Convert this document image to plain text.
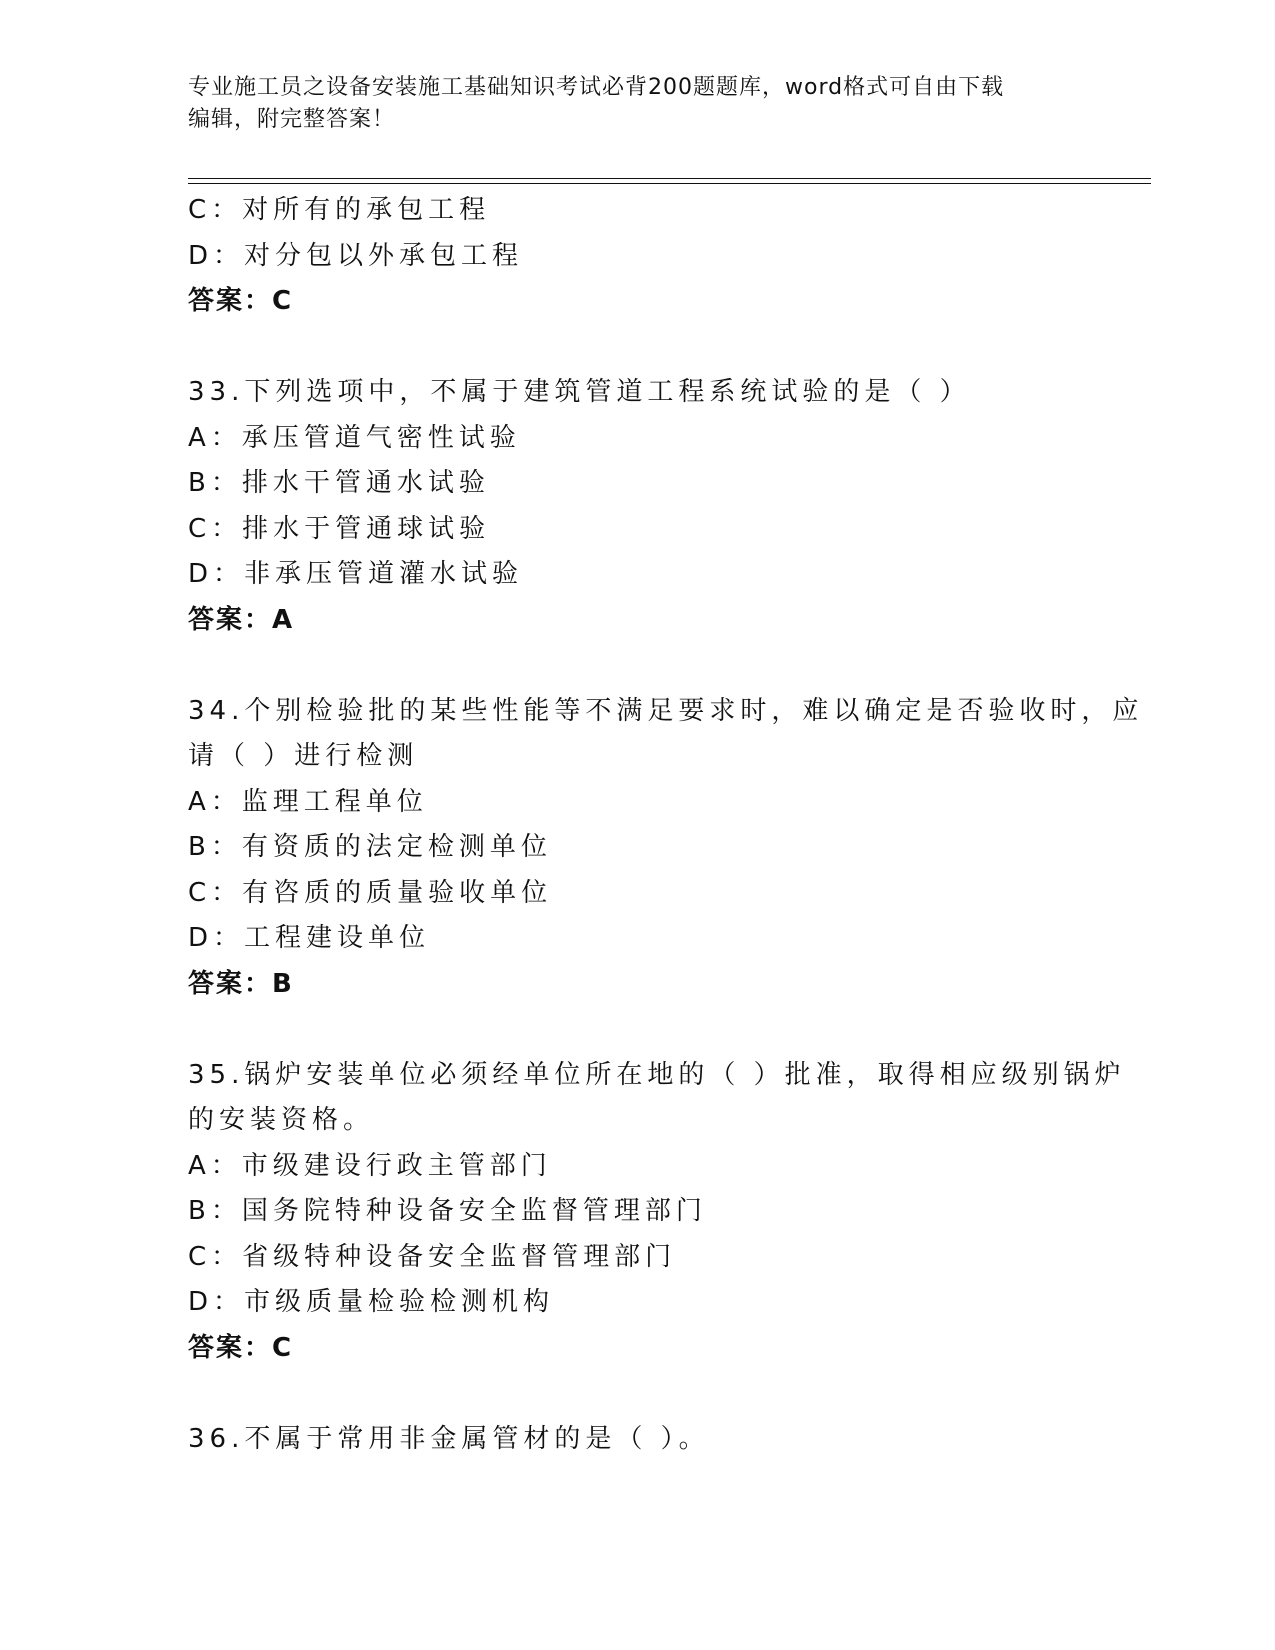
专业施工员之设备安装施工基础知识考试必背200题题库，word格式可自由下载
编辑，附完整答案！
C：对所有的承包工程
D：对分包以外承包工程
答案：C
33.下列选项中，不属于建筑管道工程系统试验的是（ ）
A：承压管道气密性试验
B：排水干管通水试验
C：排水于管通球试验
D：非承压管道灌水试验
答案：A
34.个别检验批的某些性能等不满足要求时，难以确定是否验收时，应
请（ ）进行检测
A：监理工程单位
B：有资质的法定检测单位
C：有咨质的质量验收单位
D：工程建设单位
答案：B
35.锅炉安装单位必须经单位所在地的（ ）批准，取得相应级别锅炉
的安装资格。
A：市级建设行政主管部门
B：国务院特种设备安全监督管理部门
C：省级特种设备安全监督管理部门
D：市级质量检验检测机构
答案：C
36.不属于常用非金属管材的是（ ）。
